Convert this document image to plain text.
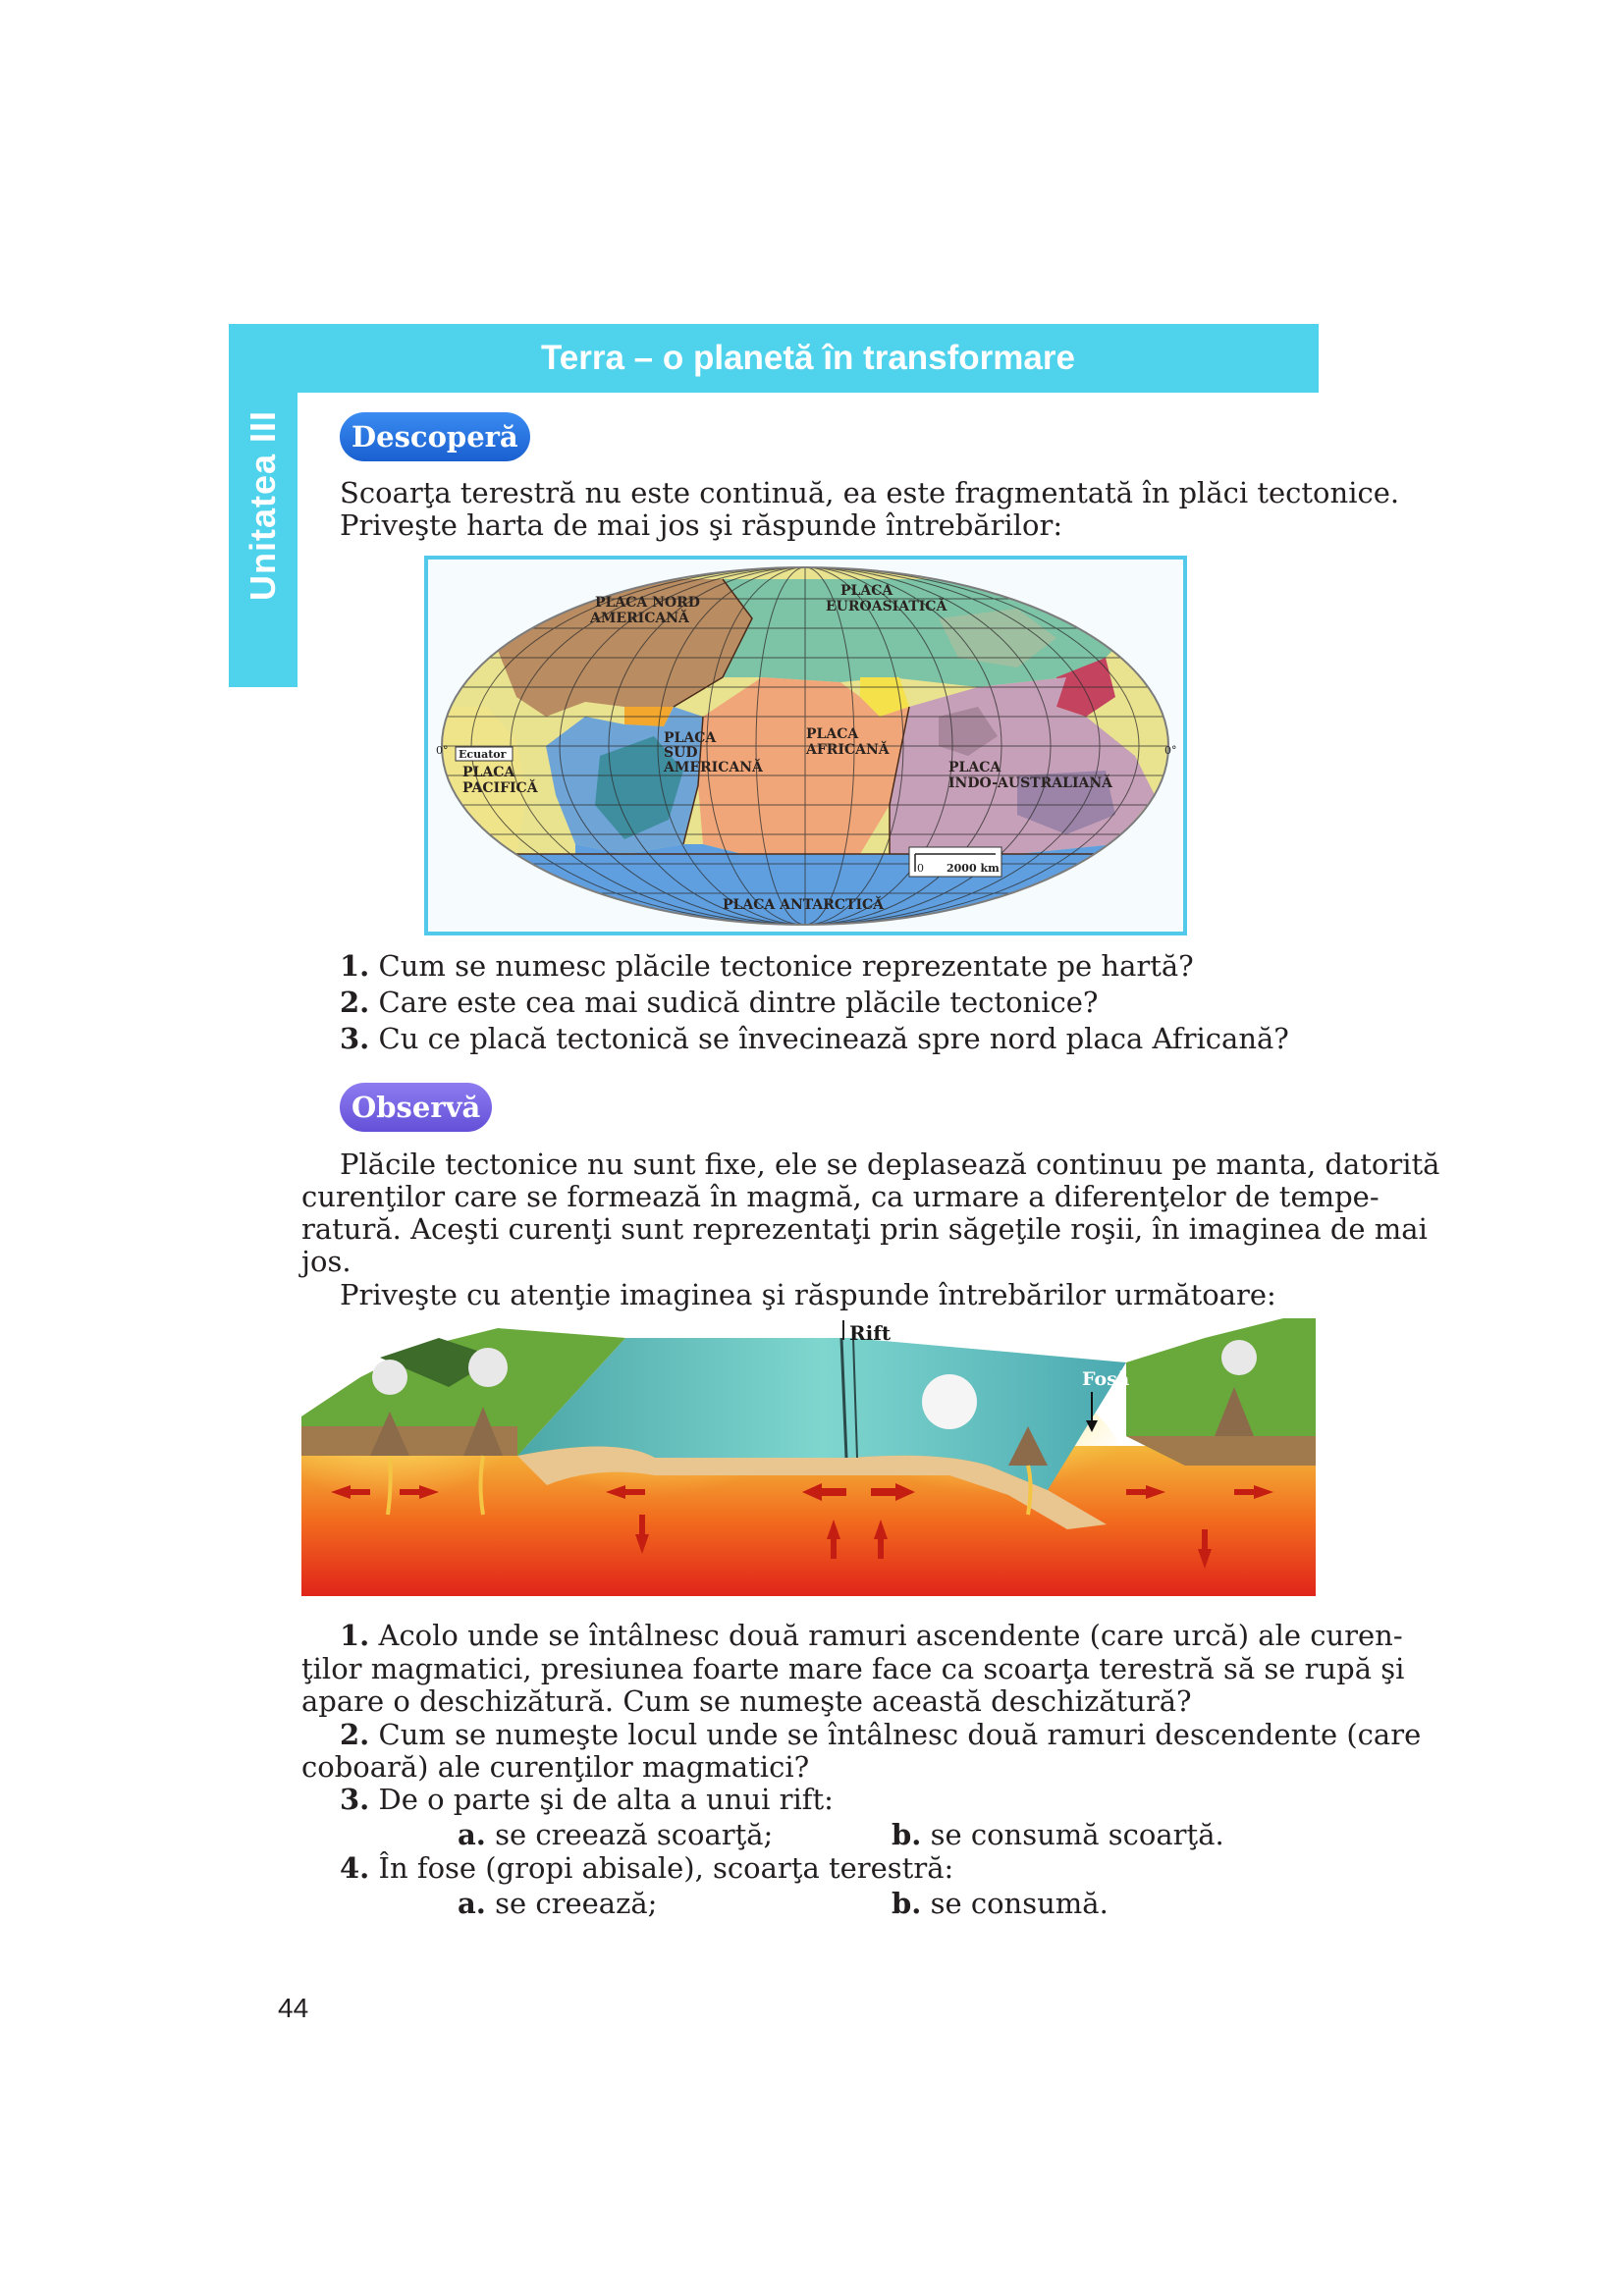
Unitatea III
Terra – o planetă în transformare
Descoperă
Scoarţa terestră nu este continuă, ea este fragmentată în plăci tectonice.
Priveşte harta de mai jos şi răspunde întrebărilor:
PLACA NORD
AMERICANĂ
PLACA
EUROASIATICĂ
PLACA
SUD
AMERICANĂ
PLACA
AFRICANĂ
PLACA
PACIFICĂ
PLACA
INDO-AUSTRALIANĂ
PLACA ANTARCTICĂ
Ecuator
0°	0°
0 2000 km
1. Cum se numesc plăcile tectonice reprezentate pe hartă?
2. Care este cea mai sudică dintre plăcile tectonice?
3. Cu ce placă tectonică se învecinează spre nord placa Africană?
Observă
Plăcile tectonice nu sunt fixe, ele se deplasează continuu pe manta, datorită
curenţilor care se formează în magmă, ca urmare a diferenţelor de tempe-
ratură. Aceşti curenţi sunt reprezentaţi prin săgeţile roşii, în imaginea de mai
jos.
Priveşte cu atenţie imaginea şi răspunde întrebărilor următoare:
Rift
Fosă
1. Acolo unde se întâlnesc două ramuri ascendente (care urcă) ale curen-
ţilor magmatici, presiunea foarte mare face ca scoarţa terestră să se rupă şi
apare o deschizătură. Cum se numeşte această deschizătură?
2. Cum se numeşte locul unde se întâlnesc două ramuri descendente (care
coboară) ale curenţilor magmatici?
3. De o parte şi de alta a unui rift:
a. se creează scoarţă;	b. se consumă scoarţă.
4. În fose (gropi abisale), scoarţa terestră:
a. se creează;	b. se consumă.
44
